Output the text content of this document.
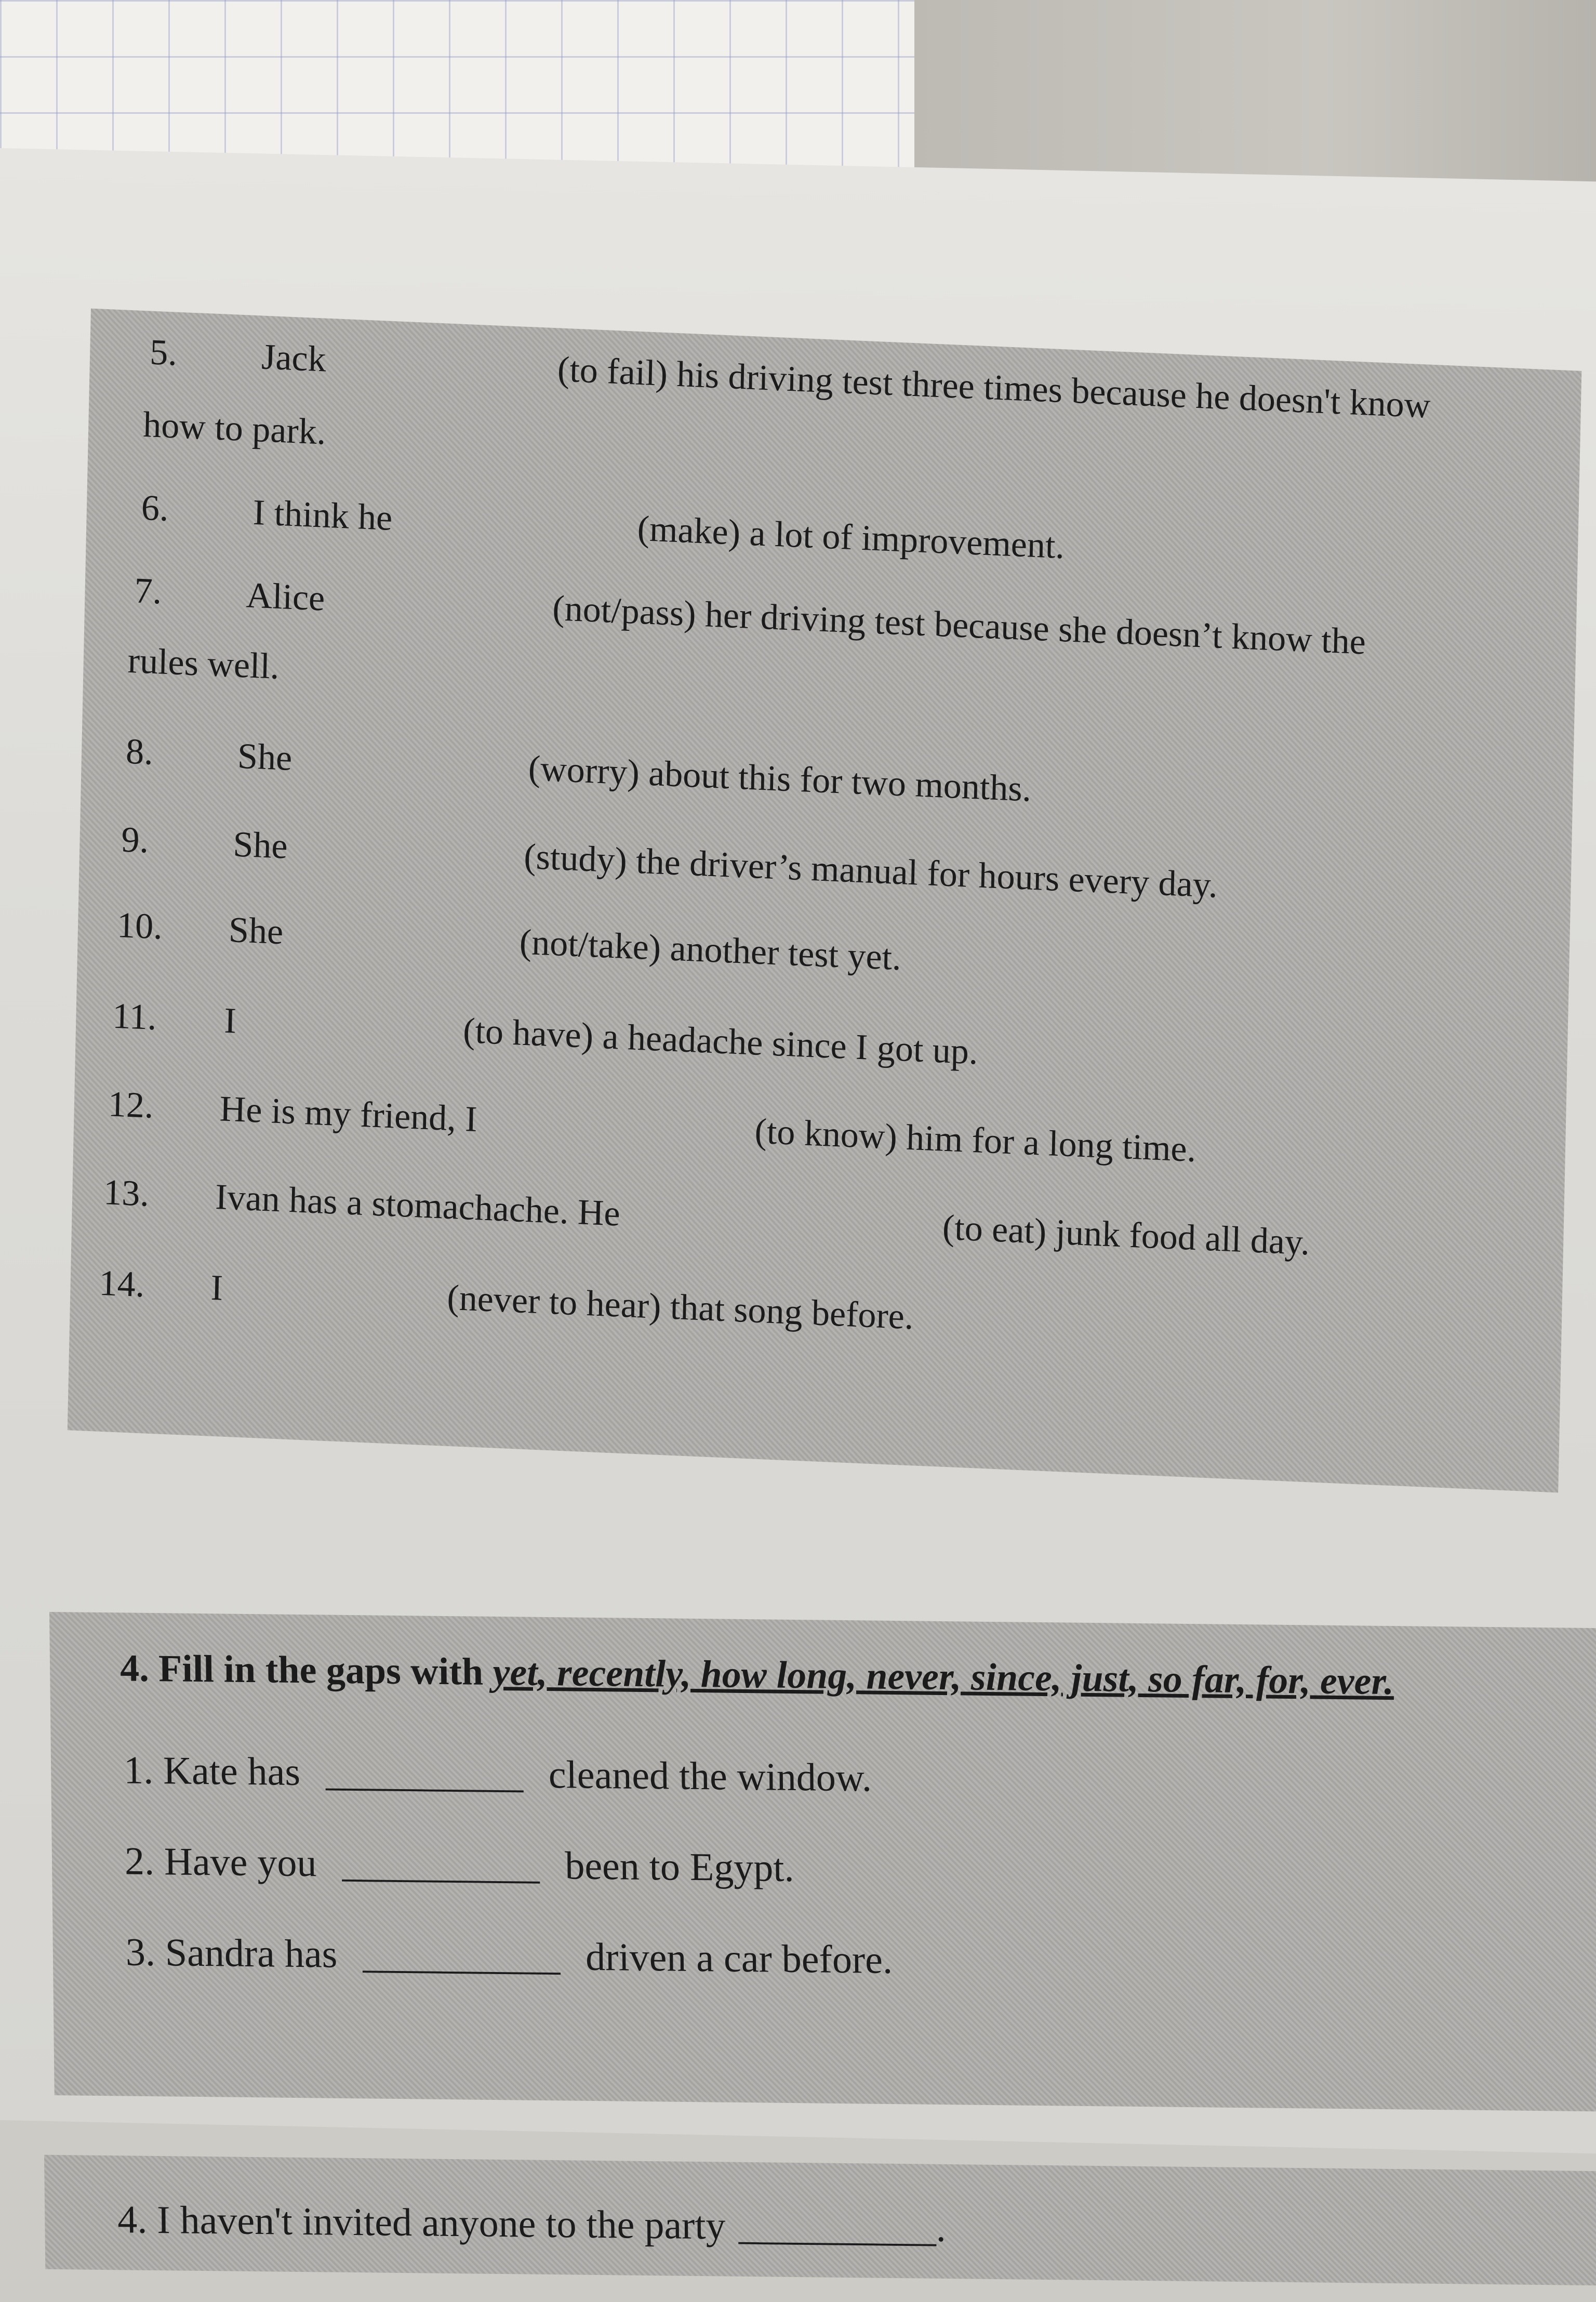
5. Jack	(to fail) his driving test three times because he doesn't know
how to park.
6. I think he	(make) a lot of improvement.
7. Alice	(not/pass) her driving test because she doesn’t know the
rules well.
8. She	(worry) about this for two months.
9. She	(study) the driver’s manual for hours every day.
10. She	(not/take) another test yet.
11. I	(to have) a headache since I got up.
12. He is my friend, I	(to know) him for a long time.
13. Ivan has a stomachache. He(to eat) junk food all day.
14. I	(never to hear) that song before.
4. Fill in the gaps with yet, recently, how long, never, since, just, so far, for, ever.
1. Kate has __________ cleaned the window.
2. Have you __________ been to Egypt.
3. Sandra has __________ driven a car before.
4. I haven't invited anyone to the party __________.
